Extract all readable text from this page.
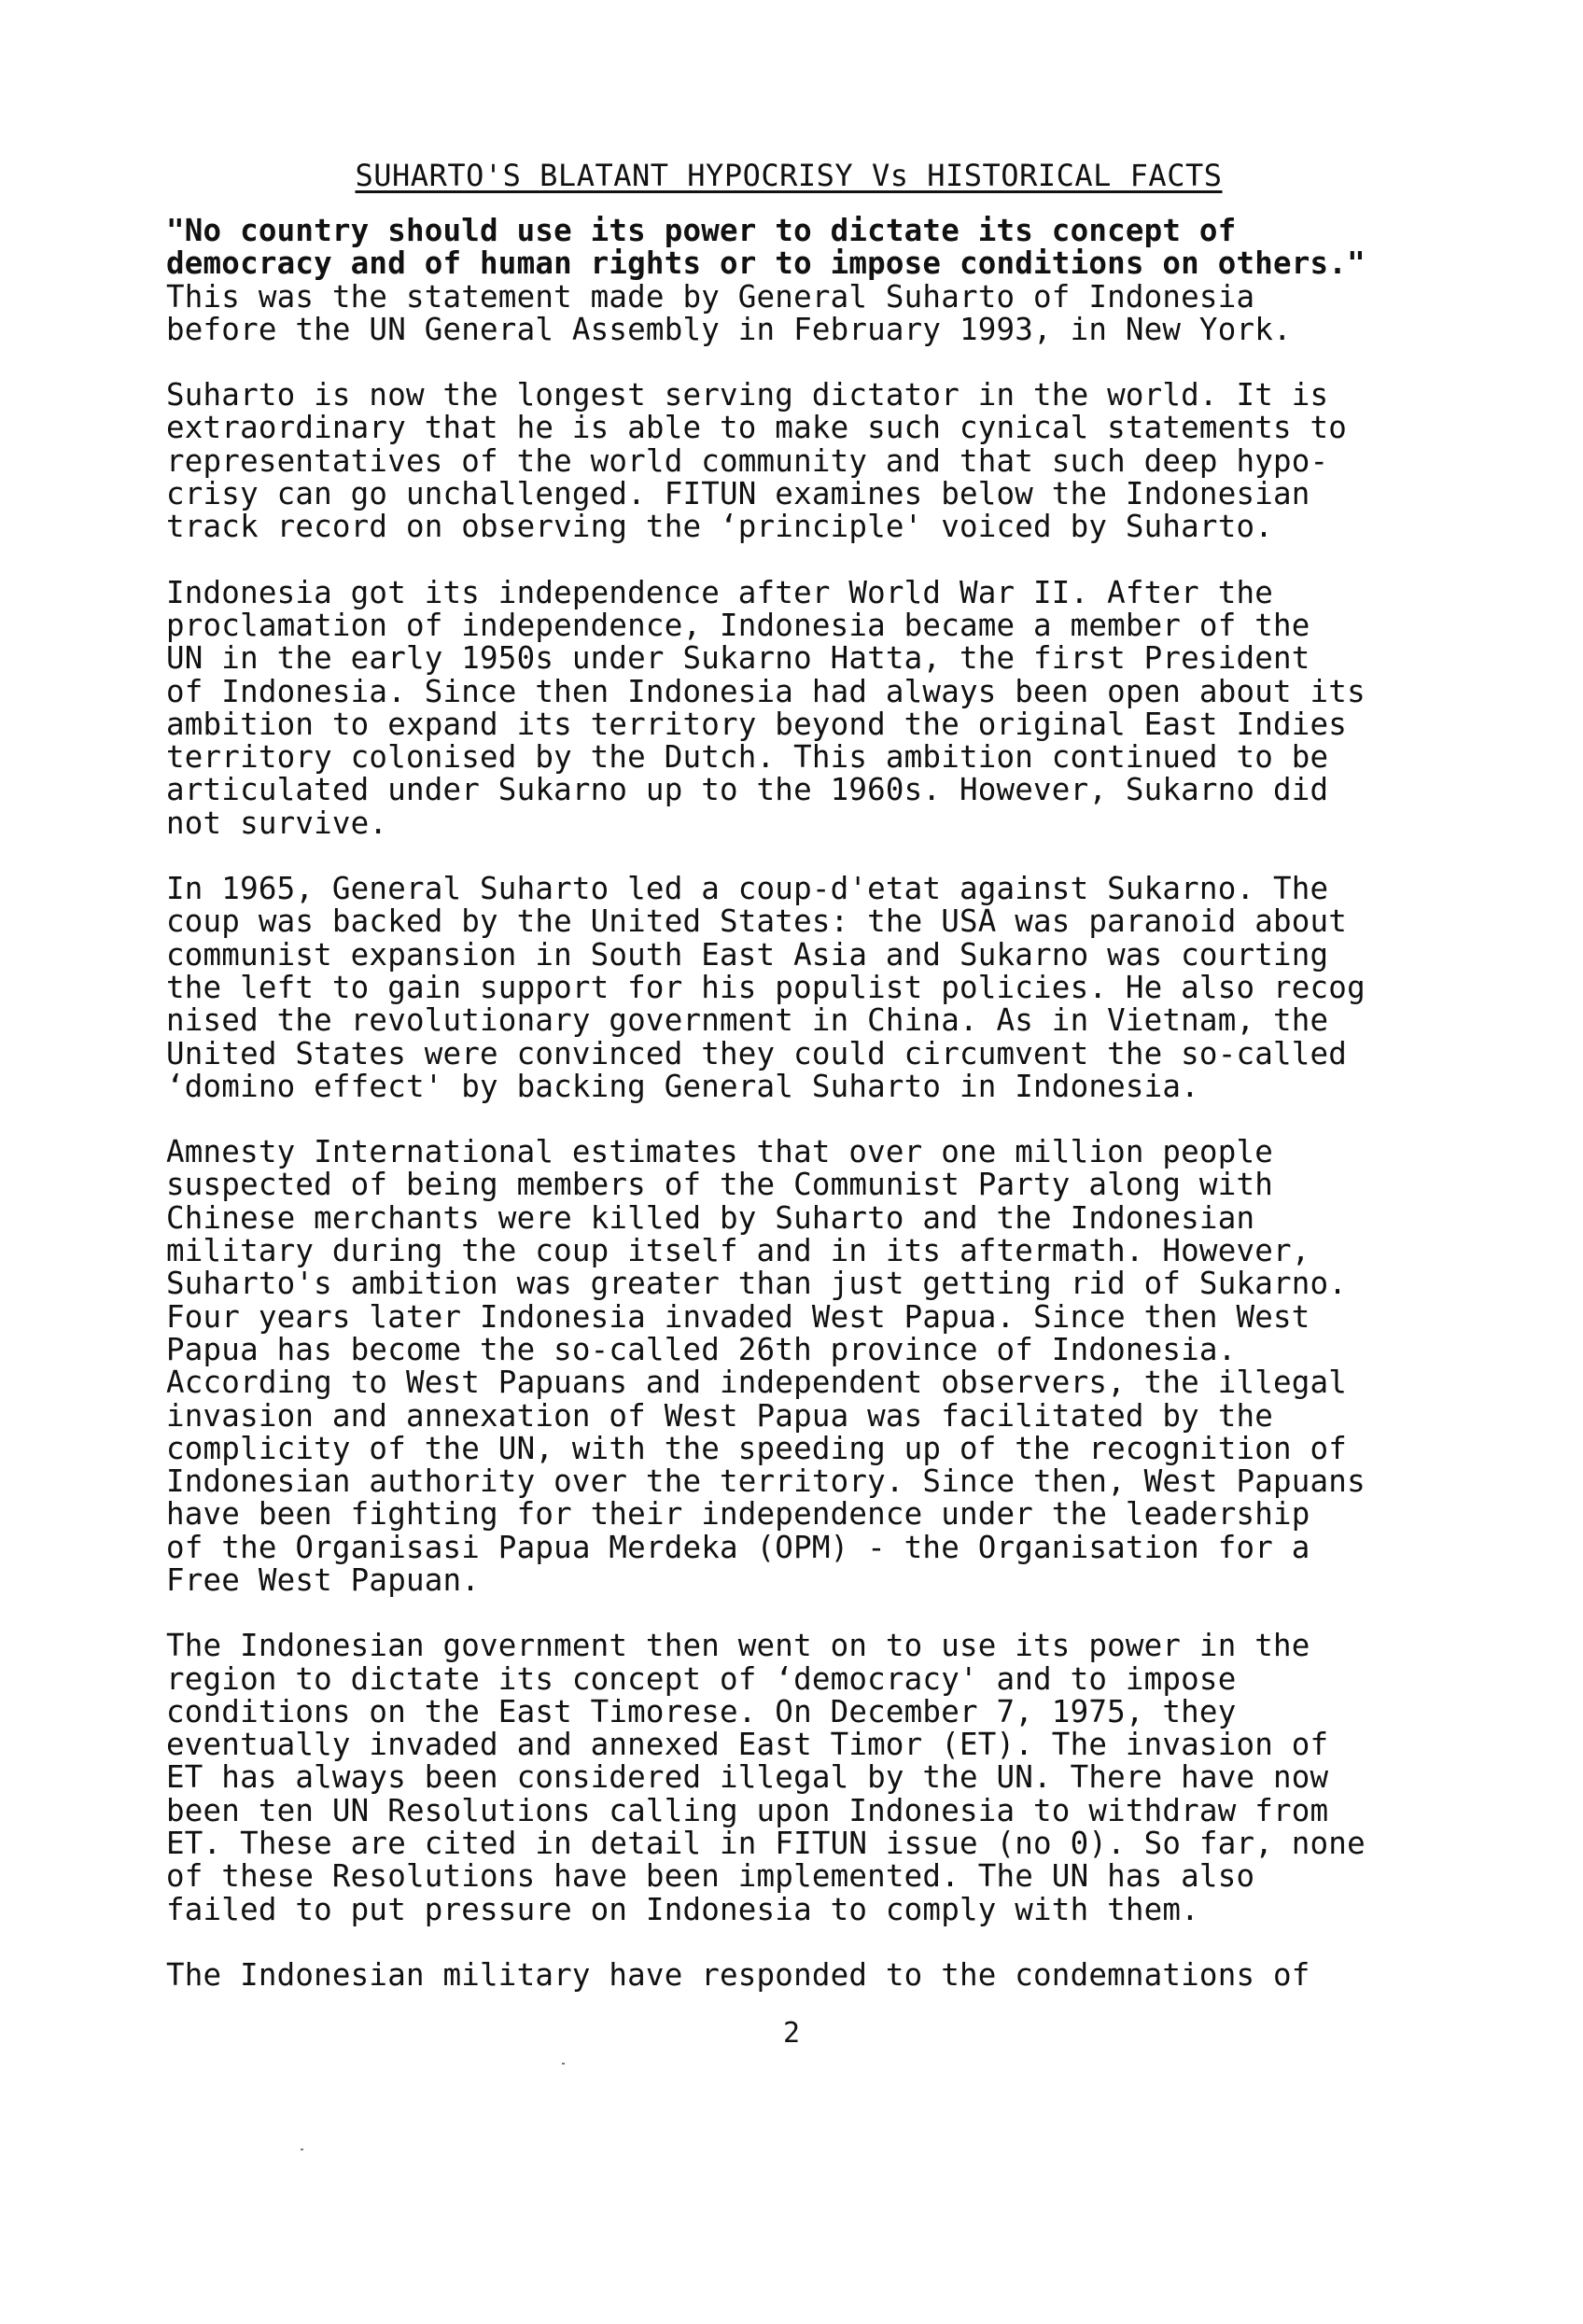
SUHARTO'S BLATANT HYPOCRISY Vs HISTORICAL FACTS
"No country should use its power to dictate its concept of
democracy and of human rights or to impose conditions on others."
This was the statement made by General Suharto of Indonesia
before the UN General Assembly in February 1993, in New York.
Suharto is now the longest serving dictator in the world. It is
extraordinary that he is able to make such cynical statements to
representatives of the world community and that such deep hypo-
crisy can go unchallenged. FITUN examines below the Indonesian
track record on observing the ‘principle' voiced by Suharto.
Indonesia got its independence after World War II. After the
proclamation of independence, Indonesia became a member of the
UN in the early 1950s under Sukarno Hatta, the first President
of Indonesia. Since then Indonesia had always been open about its
ambition to expand its territory beyond the original East Indies
territory colonised by the Dutch. This ambition continued to be
articulated under Sukarno up to the 1960s. However, Sukarno did
not survive.
In 1965, General Suharto led a coup-d'etat against Sukarno. The
coup was backed by the United States: the USA was paranoid about
communist expansion in South East Asia and Sukarno was courting
the left to gain support for his populist policies. He also recog
nised the revolutionary government in China. As in Vietnam, the
United States were convinced they could circumvent the so-called
‘domino effect' by backing General Suharto in Indonesia.
Amnesty International estimates that over one million people
suspected of being members of the Communist Party along with
Chinese merchants were killed by Suharto and the Indonesian
military during the coup itself and in its aftermath. However,
Suharto's ambition was greater than just getting rid of Sukarno.
Four years later Indonesia invaded West Papua. Since then West
Papua has become the so-called 26th province of Indonesia.
According to West Papuans and independent observers, the illegal
invasion and annexation of West Papua was facilitated by the
complicity of the UN, with the speeding up of the recognition of
Indonesian authority over the territory. Since then, West Papuans
have been fighting for their independence under the leadership
of the Organisasi Papua Merdeka (OPM) - the Organisation for a
Free West Papuan.
The Indonesian government then went on to use its power in the
region to dictate its concept of ‘democracy' and to impose
conditions on the East Timorese. On December 7, 1975, they
eventually invaded and annexed East Timor (ET). The invasion of
ET has always been considered illegal by the UN. There have now
been ten UN Resolutions calling upon Indonesia to withdraw from
ET. These are cited in detail in FITUN issue (no 0). So far, none
of these Resolutions have been implemented. The UN has also
failed to put pressure on Indonesia to comply with them.
The Indonesian military have responded to the condemnations of
2
